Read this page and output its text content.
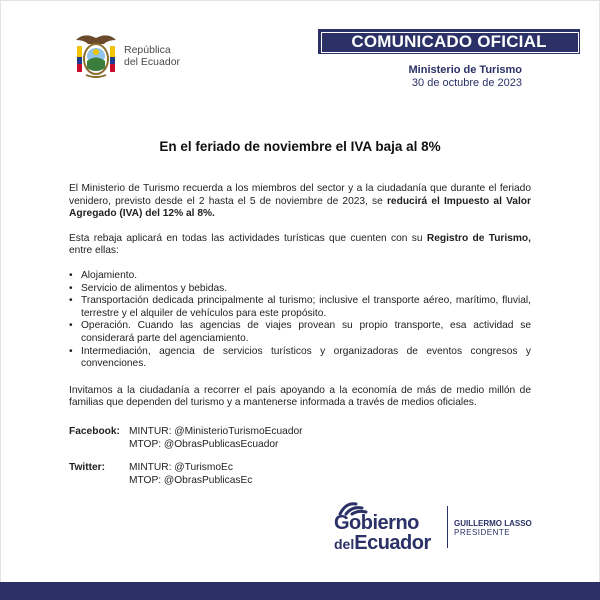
República
del Ecuador
COMUNICADO OFICIAL
Ministerio de Turismo
30 de octubre de 2023
En el feriado de noviembre el IVA baja al 8%

El Ministerio de Turismo recuerda a los miembros del sector y a la ciudadanía que durante el feriado venidero, previsto desde el 2 hasta el 5 de noviembre de 2023, se reducirá el Impuesto al Valor Agregado (IVA) del 12% al 8%.

Esta rebaja aplicará en todas las actividades turísticas que cuenten con su Registro de Turismo, entre ellas:

• Alojamiento.
• Servicio de alimentos y bebidas.
• Transportación dedicada principalmente al turismo; inclusive el transporte aéreo, marítimo, fluvial, terrestre y el alquiler de vehículos para este propósito.
• Operación. Cuando las agencias de viajes provean su propio transporte, esa actividad se considerará parte del agenciamiento.
• Intermediación, agencia de servicios turísticos y organizadoras de eventos congresos y convenciones.

Invitamos a la ciudadanía a recorrer el país apoyando a la economía de más de medio millón de familias que dependen del turismo y a mantenerse informada a través de medios oficiales.

Facebook: MINTUR: @MinisterioTurismoEcuador
MTOP: @ObrasPublicasEcuador
Twitter: MINTUR: @TurismoEc
MTOP: @ObrasPublicasEc
Gobierno
delEcuador
GUILLERMO LASSO
PRESIDENTE
